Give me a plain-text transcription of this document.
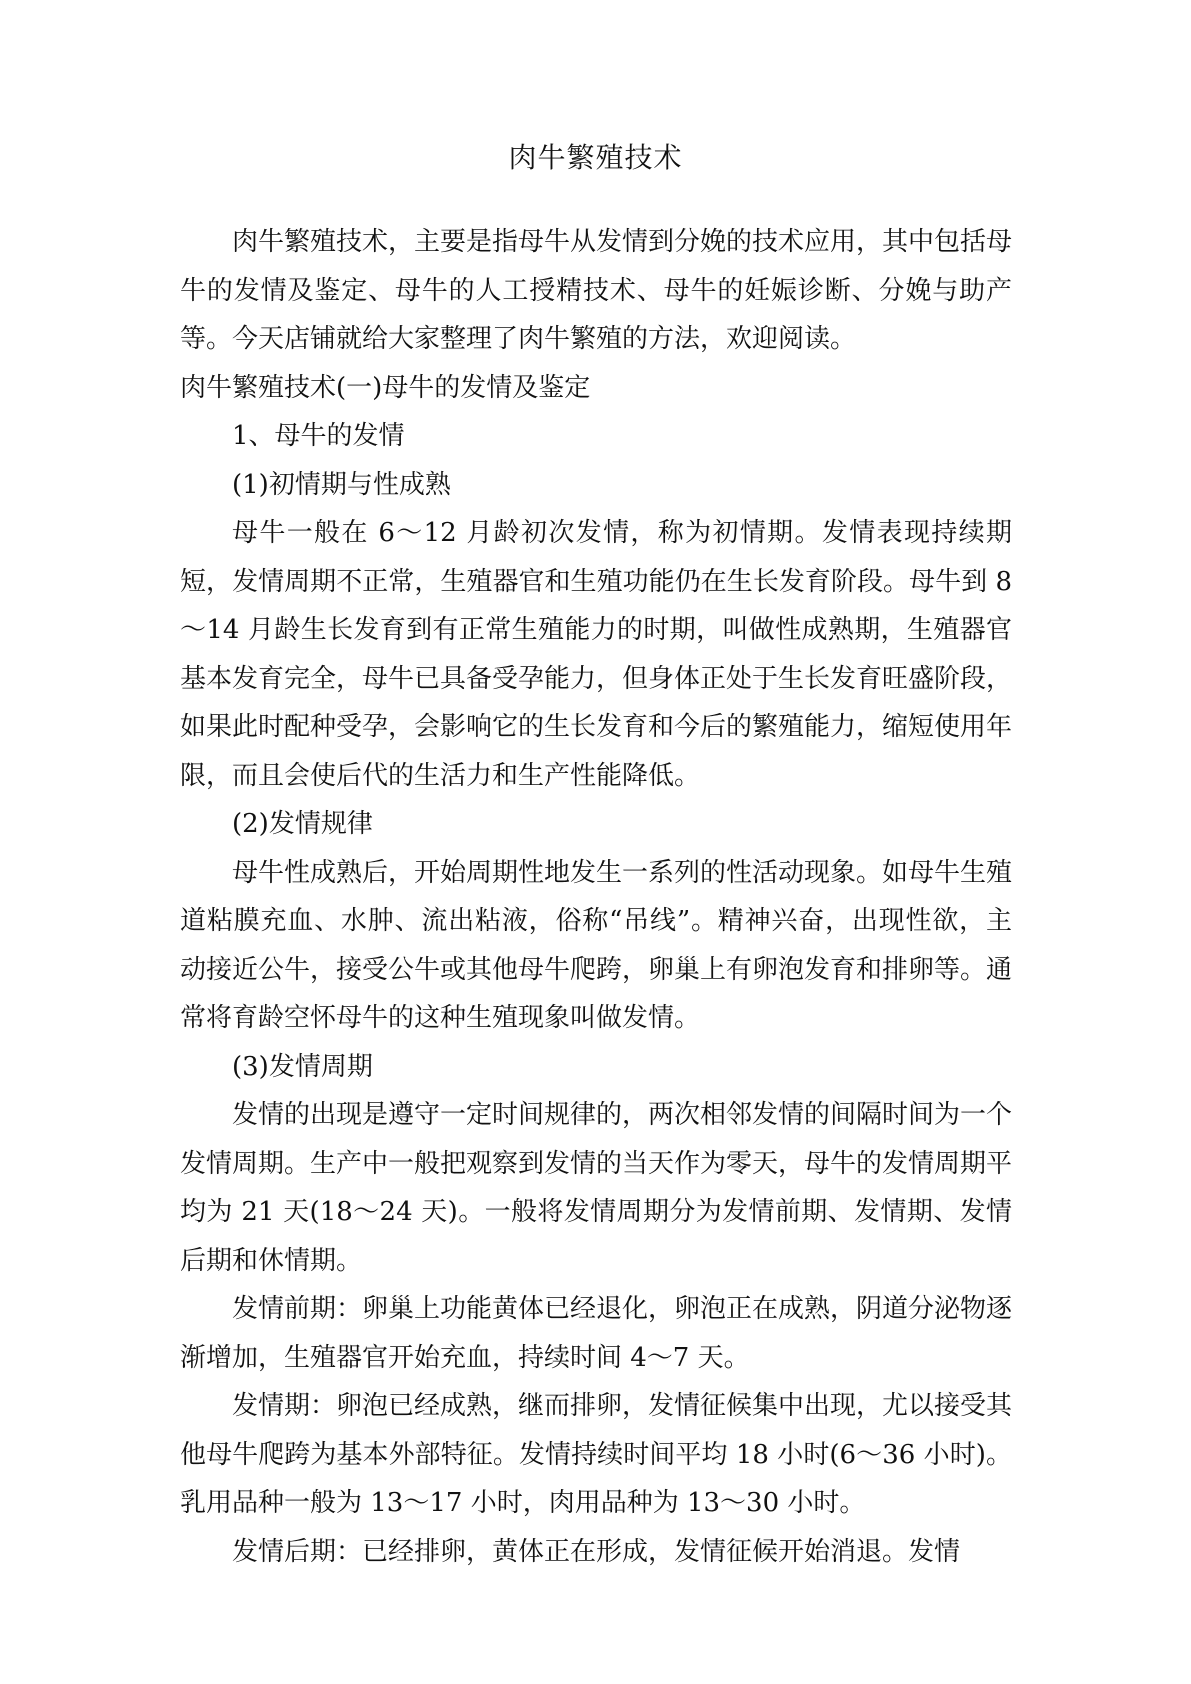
肉牛繁殖技术

肉牛繁殖技术，主要是指母牛从发情到分娩的技术应用，其中包括母牛的发情及鉴定、母牛的人工授精技术、母牛的妊娠诊断、分娩与助产等。今天店铺就给大家整理了肉牛繁殖的方法，欢迎阅读。

肉牛繁殖技术(一)母牛的发情及鉴定

1、母牛的发情

(1)初情期与性成熟

母牛一般在 6～12 月龄初次发情，称为初情期。发情表现持续期短，发情周期不正常，生殖器官和生殖功能仍在生长发育阶段。母牛到 8～14 月龄生长发育到有正常生殖能力的时期，叫做性成熟期，生殖器官基本发育完全，母牛已具备受孕能力，但身体正处于生长发育旺盛阶段，如果此时配种受孕，会影响它的生长发育和今后的繁殖能力，缩短使用年限，而且会使后代的生活力和生产性能降低。

(2)发情规律

母牛性成熟后，开始周期性地发生一系列的性活动现象。如母牛生殖道粘膜充血、水肿、流出粘液，俗称“吊线”。精神兴奋，出现性欲，主动接近公牛，接受公牛或其他母牛爬跨，卵巢上有卵泡发育和排卵等。通常将育龄空怀母牛的这种生殖现象叫做发情。

(3)发情周期

发情的出现是遵守一定时间规律的，两次相邻发情的间隔时间为一个发情周期。生产中一般把观察到发情的当天作为零天，母牛的发情周期平均为 21 天(18～24 天)。一般将发情周期分为发情前期、发情期、发情后期和休情期。

发情前期：卵巢上功能黄体已经退化，卵泡正在成熟，阴道分泌物逐渐增加，生殖器官开始充血，持续时间 4～7 天。

发情期：卵泡已经成熟，继而排卵，发情征候集中出现，尤以接受其他母牛爬跨为基本外部特征。发情持续时间平均 18 小时(6～36 小时)。乳用品种一般为 13～17 小时，肉用品种为 13～30 小时。

发情后期：已经排卵，黄体正在形成，发情征候开始消退。发情
